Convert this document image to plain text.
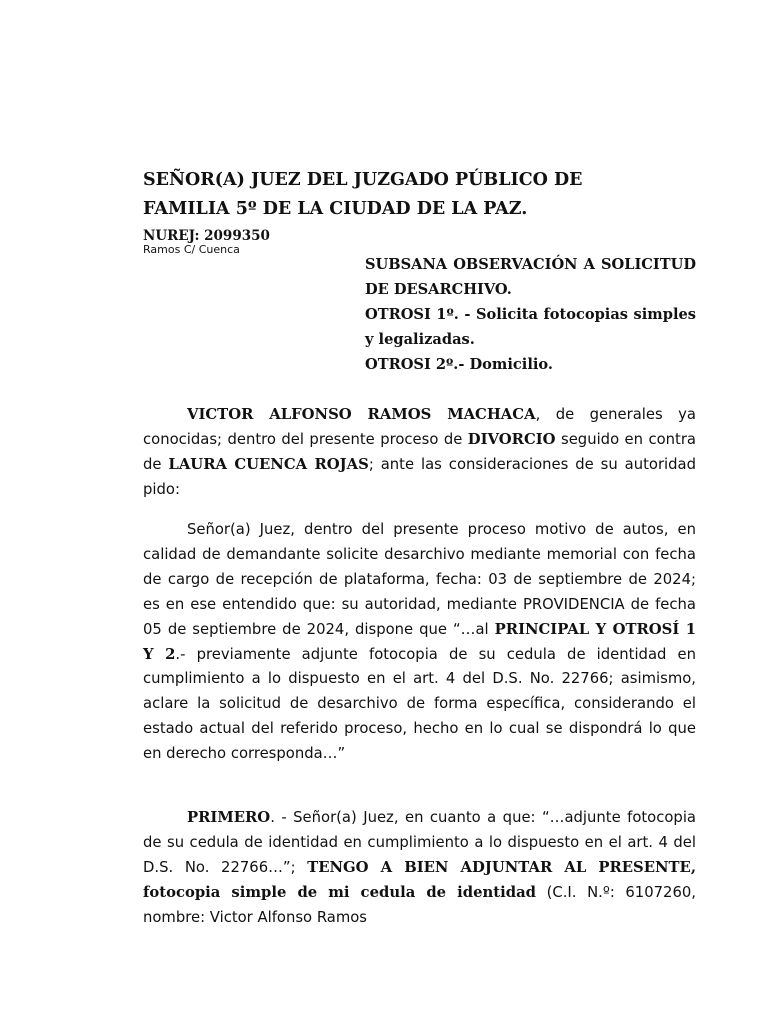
SEÑOR(A) JUEZ DEL JUZGADO PÚBLICO DE
FAMILIA 5º DE LA CIUDAD DE LA PAZ.

NUREJ: 2099350

Ramos C/ Cuenca

SUBSANA OBSERVACIÓN A SOLICITUD DE DESARCHIVO.

OTROSI 1º. - Solicita fotocopias simples y legalizadas.

OTROSI 2º.- Domicilio.

VICTOR ALFONSO RAMOS MACHACA, de generales ya conocidas; dentro del presente proceso de DIVORCIO seguido en contra de LAURA CUENCA ROJAS; ante las consideraciones de su autoridad pido:

Señor(a) Juez, dentro del presente proceso motivo de autos, en calidad de demandante solicite desarchivo mediante memorial con fecha de cargo de recepción de plataforma, fecha: 03 de septiembre de 2024; es en ese entendido que: su autoridad, mediante PROVIDENCIA de fecha 05 de septiembre de 2024, dispone que “…al PRINCIPAL Y OTROSÍ 1 Y 2.- previamente adjunte fotocopia de su cedula de identidad en cumplimiento a lo dispuesto en el art. 4 del D.S. No. 22766; asimismo, aclare la solicitud de desarchivo de forma específica, considerando el estado actual del referido proceso, hecho en lo cual se dispondrá lo que en derecho corresponda…”

PRIMERO. - Señor(a) Juez, en cuanto a que: “…adjunte fotocopia de su cedula de identidad en cumplimiento a lo dispuesto en el art. 4 del D.S. No. 22766…”; TENGO A BIEN ADJUNTAR AL PRESENTE, fotocopia simple de mi cedula de identidad (C.I. N.º: 6107260, nombre: Victor Alfonso Ramos
